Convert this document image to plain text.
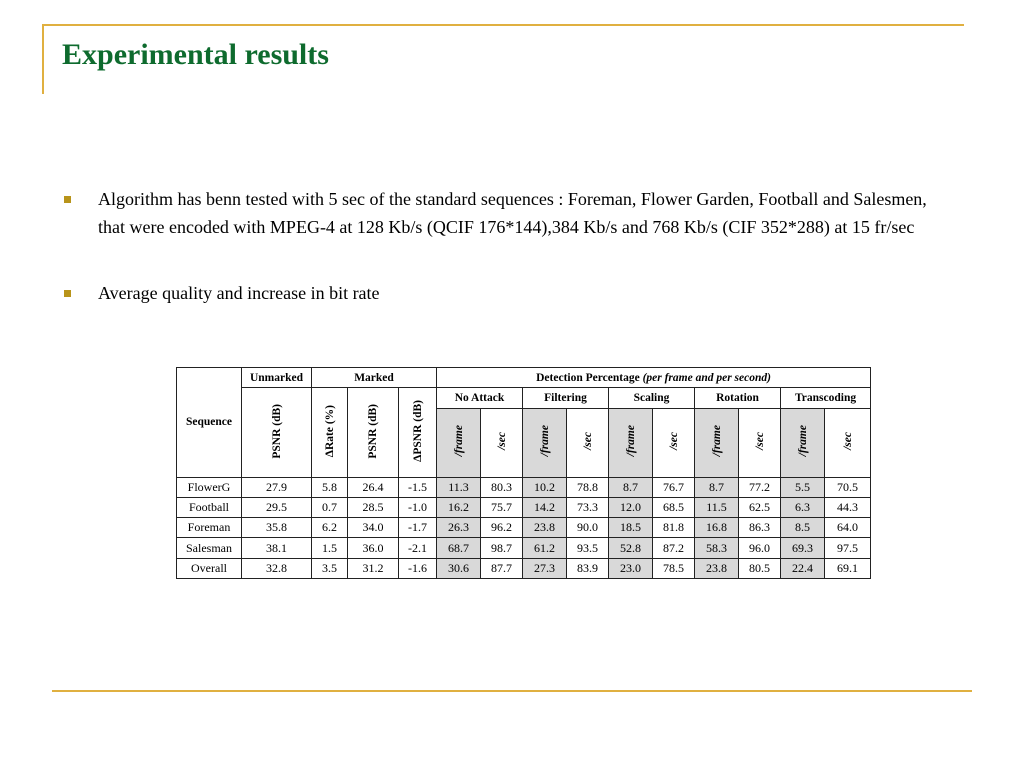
Experimental results
Algorithm has benn tested with 5 sec of the standard sequences : Foreman, Flower Garden, Football and Salesmen, that were encoded with MPEG-4 at 128 Kb/s (QCIF 176*144),384 Kb/s and 768 Kb/s (CIF 352*288) at 15 fr/sec
Average quality and increase in bit rate
Sequence	Unmarked	Marked			Detection Percentage (per frame and per second)									
	PSNR (dB)	ΔRate (%)	PSNR (dB)	ΔPSNR (dB)	No Attack		Filtering		Scaling		Rotation		Transcoding	
					/frame	/sec	/frame	/sec	/frame	/sec	/frame	/sec	/frame	/sec
FlowerG	27.9	5.8	26.4	-1.5	11.3	80.3	10.2	78.8	8.7	76.7	8.7	77.2	5.5	70.5
Football	29.5	0.7	28.5	-1.0	16.2	75.7	14.2	73.3	12.0	68.5	11.5	62.5	6.3	44.3
Foreman	35.8	6.2	34.0	-1.7	26.3	96.2	23.8	90.0	18.5	81.8	16.8	86.3	8.5	64.0
Salesman	38.1	1.5	36.0	-2.1	68.7	98.7	61.2	93.5	52.8	87.2	58.3	96.0	69.3	97.5
Overall	32.8	3.5	31.2	-1.6	30.6	87.7	27.3	83.9	23.0	78.5	23.8	80.5	22.4	69.1
